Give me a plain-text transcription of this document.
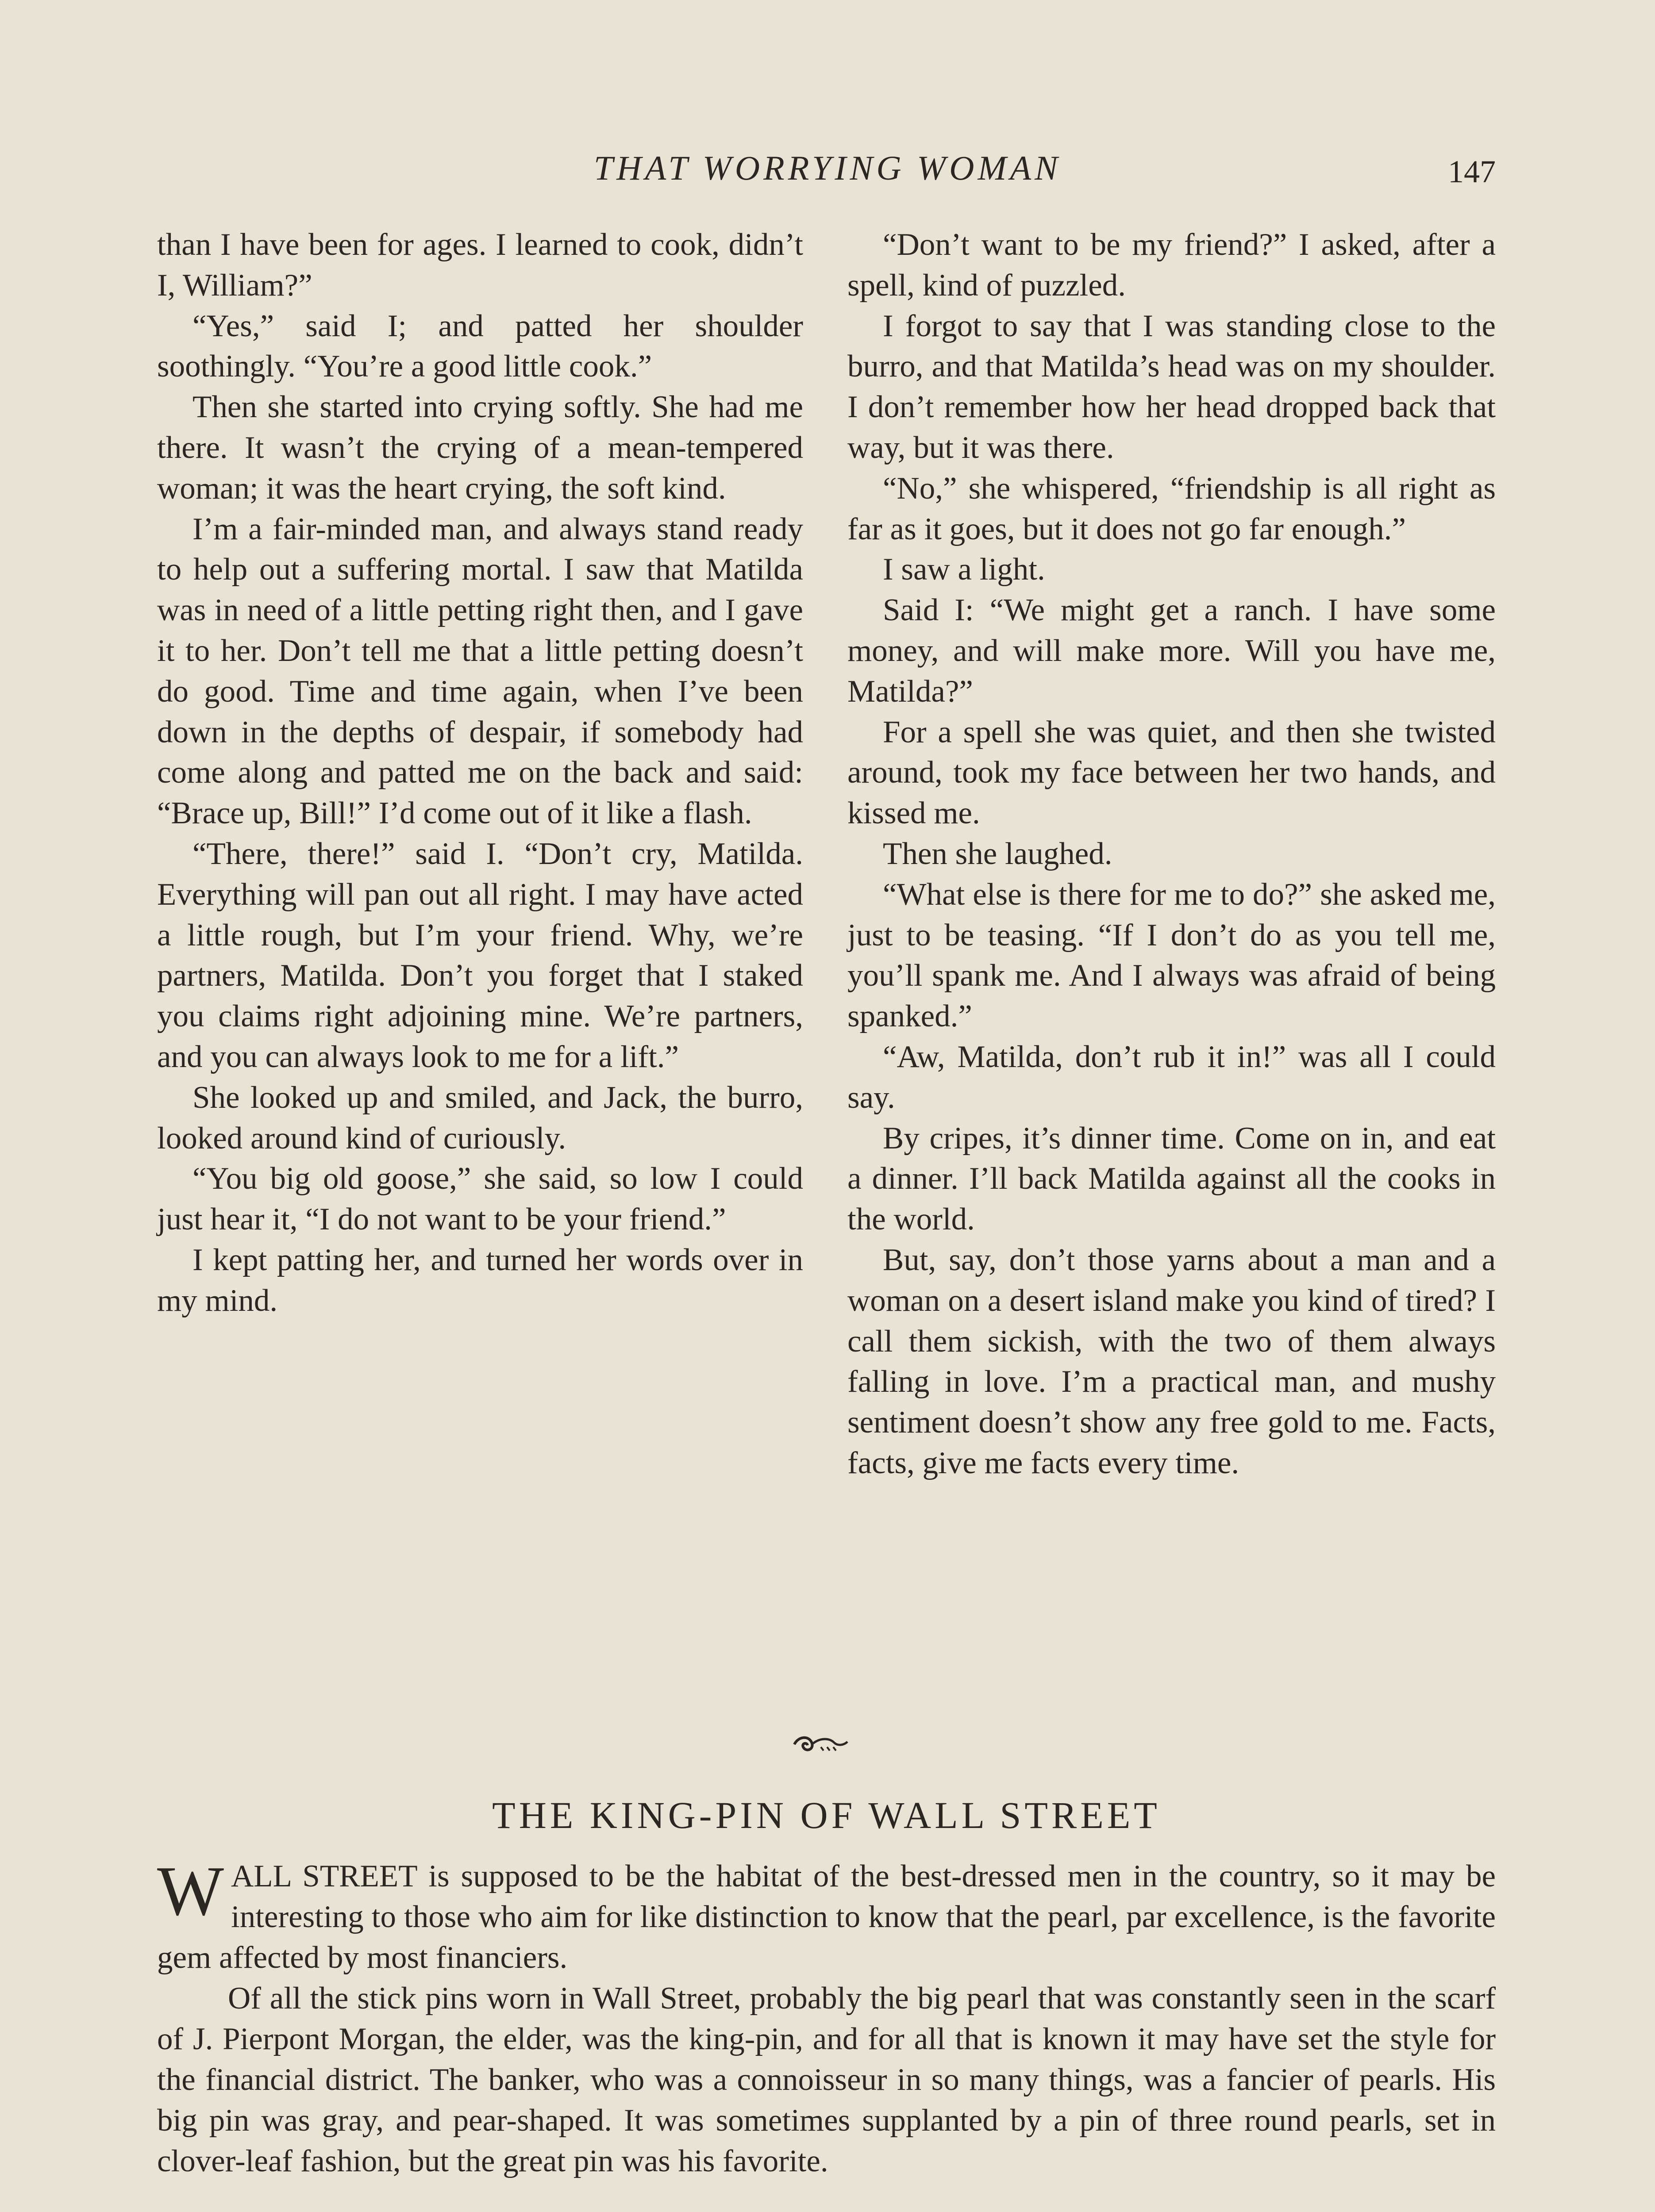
THAT WORRYING WOMAN	147

than I have been for ages. I learned to cook, didn’t I, William?”

“Yes,” said I; and patted her shoulder soothingly. “You’re a good little cook.”

Then she started into crying softly. She had me there. It wasn’t the crying of a mean-tempered woman; it was the heart crying, the soft kind.

I’m a fair-minded man, and always stand ready to help out a suffering mortal. I saw that Matilda was in need of a little petting right then, and I gave it to her. Don’t tell me that a little petting doesn’t do good. Time and time again, when I’ve been down in the depths of despair, if somebody had come along and patted me on the back and said: “Brace up, Bill!” I’d come out of it like a flash.

“There, there!” said I. “Don’t cry, Matilda. Everything will pan out all right. I may have acted a little rough, but I’m your friend. Why, we’re partners, Matilda. Don’t you forget that I staked you claims right adjoining mine. We’re partners, and you can always look to me for a lift.”

She looked up and smiled, and Jack, the burro, looked around kind of curiously.

“You big old goose,” she said, so low I could just hear it, “I do not want to be your friend.”

I kept patting her, and turned her words over in my mind.

“Don’t want to be my friend?” I asked, after a spell, kind of puzzled.

I forgot to say that I was standing close to the burro, and that Matilda’s head was on my shoulder. I don’t remember how her head dropped back that way, but it was there.

“No,” she whispered, “friendship is all right as far as it goes, but it does not go far enough.”

I saw a light.

Said I: “We might get a ranch. I have some money, and will make more. Will you have me, Matilda?”

For a spell she was quiet, and then she twisted around, took my face between her two hands, and kissed me.

Then she laughed.

“What else is there for me to do?” she asked me, just to be teasing. “If I don’t do as you tell me, you’ll spank me. And I always was afraid of being spanked.”

“Aw, Matilda, don’t rub it in!” was all I could say.

By cripes, it’s dinner time. Come on in, and eat a dinner. I’ll back Matilda against all the cooks in the world.

But, say, don’t those yarns about a man and a woman on a desert island make you kind of tired? I call them sickish, with the two of them always falling in love. I’m a practical man, and mushy sentiment doesn’t show any free gold to me. Facts, facts, give me facts every time.

THE KING-PIN OF WALL STREET

WALL STREET is supposed to be the habitat of the best-dressed men in the country, so it may be interesting to those who aim for like distinction to know that the pearl, par excellence, is the favorite gem affected by most financiers.

Of all the stick pins worn in Wall Street, probably the big pearl that was constantly seen in the scarf of J. Pierpont Morgan, the elder, was the king-pin, and for all that is known it may have set the style for the financial district. The banker, who was a connoisseur in so many things, was a fancier of pearls. His big pin was gray, and pear-shaped. It was sometimes supplanted by a pin of three round pearls, set in clover-leaf fashion, but the great pin was his favorite.
